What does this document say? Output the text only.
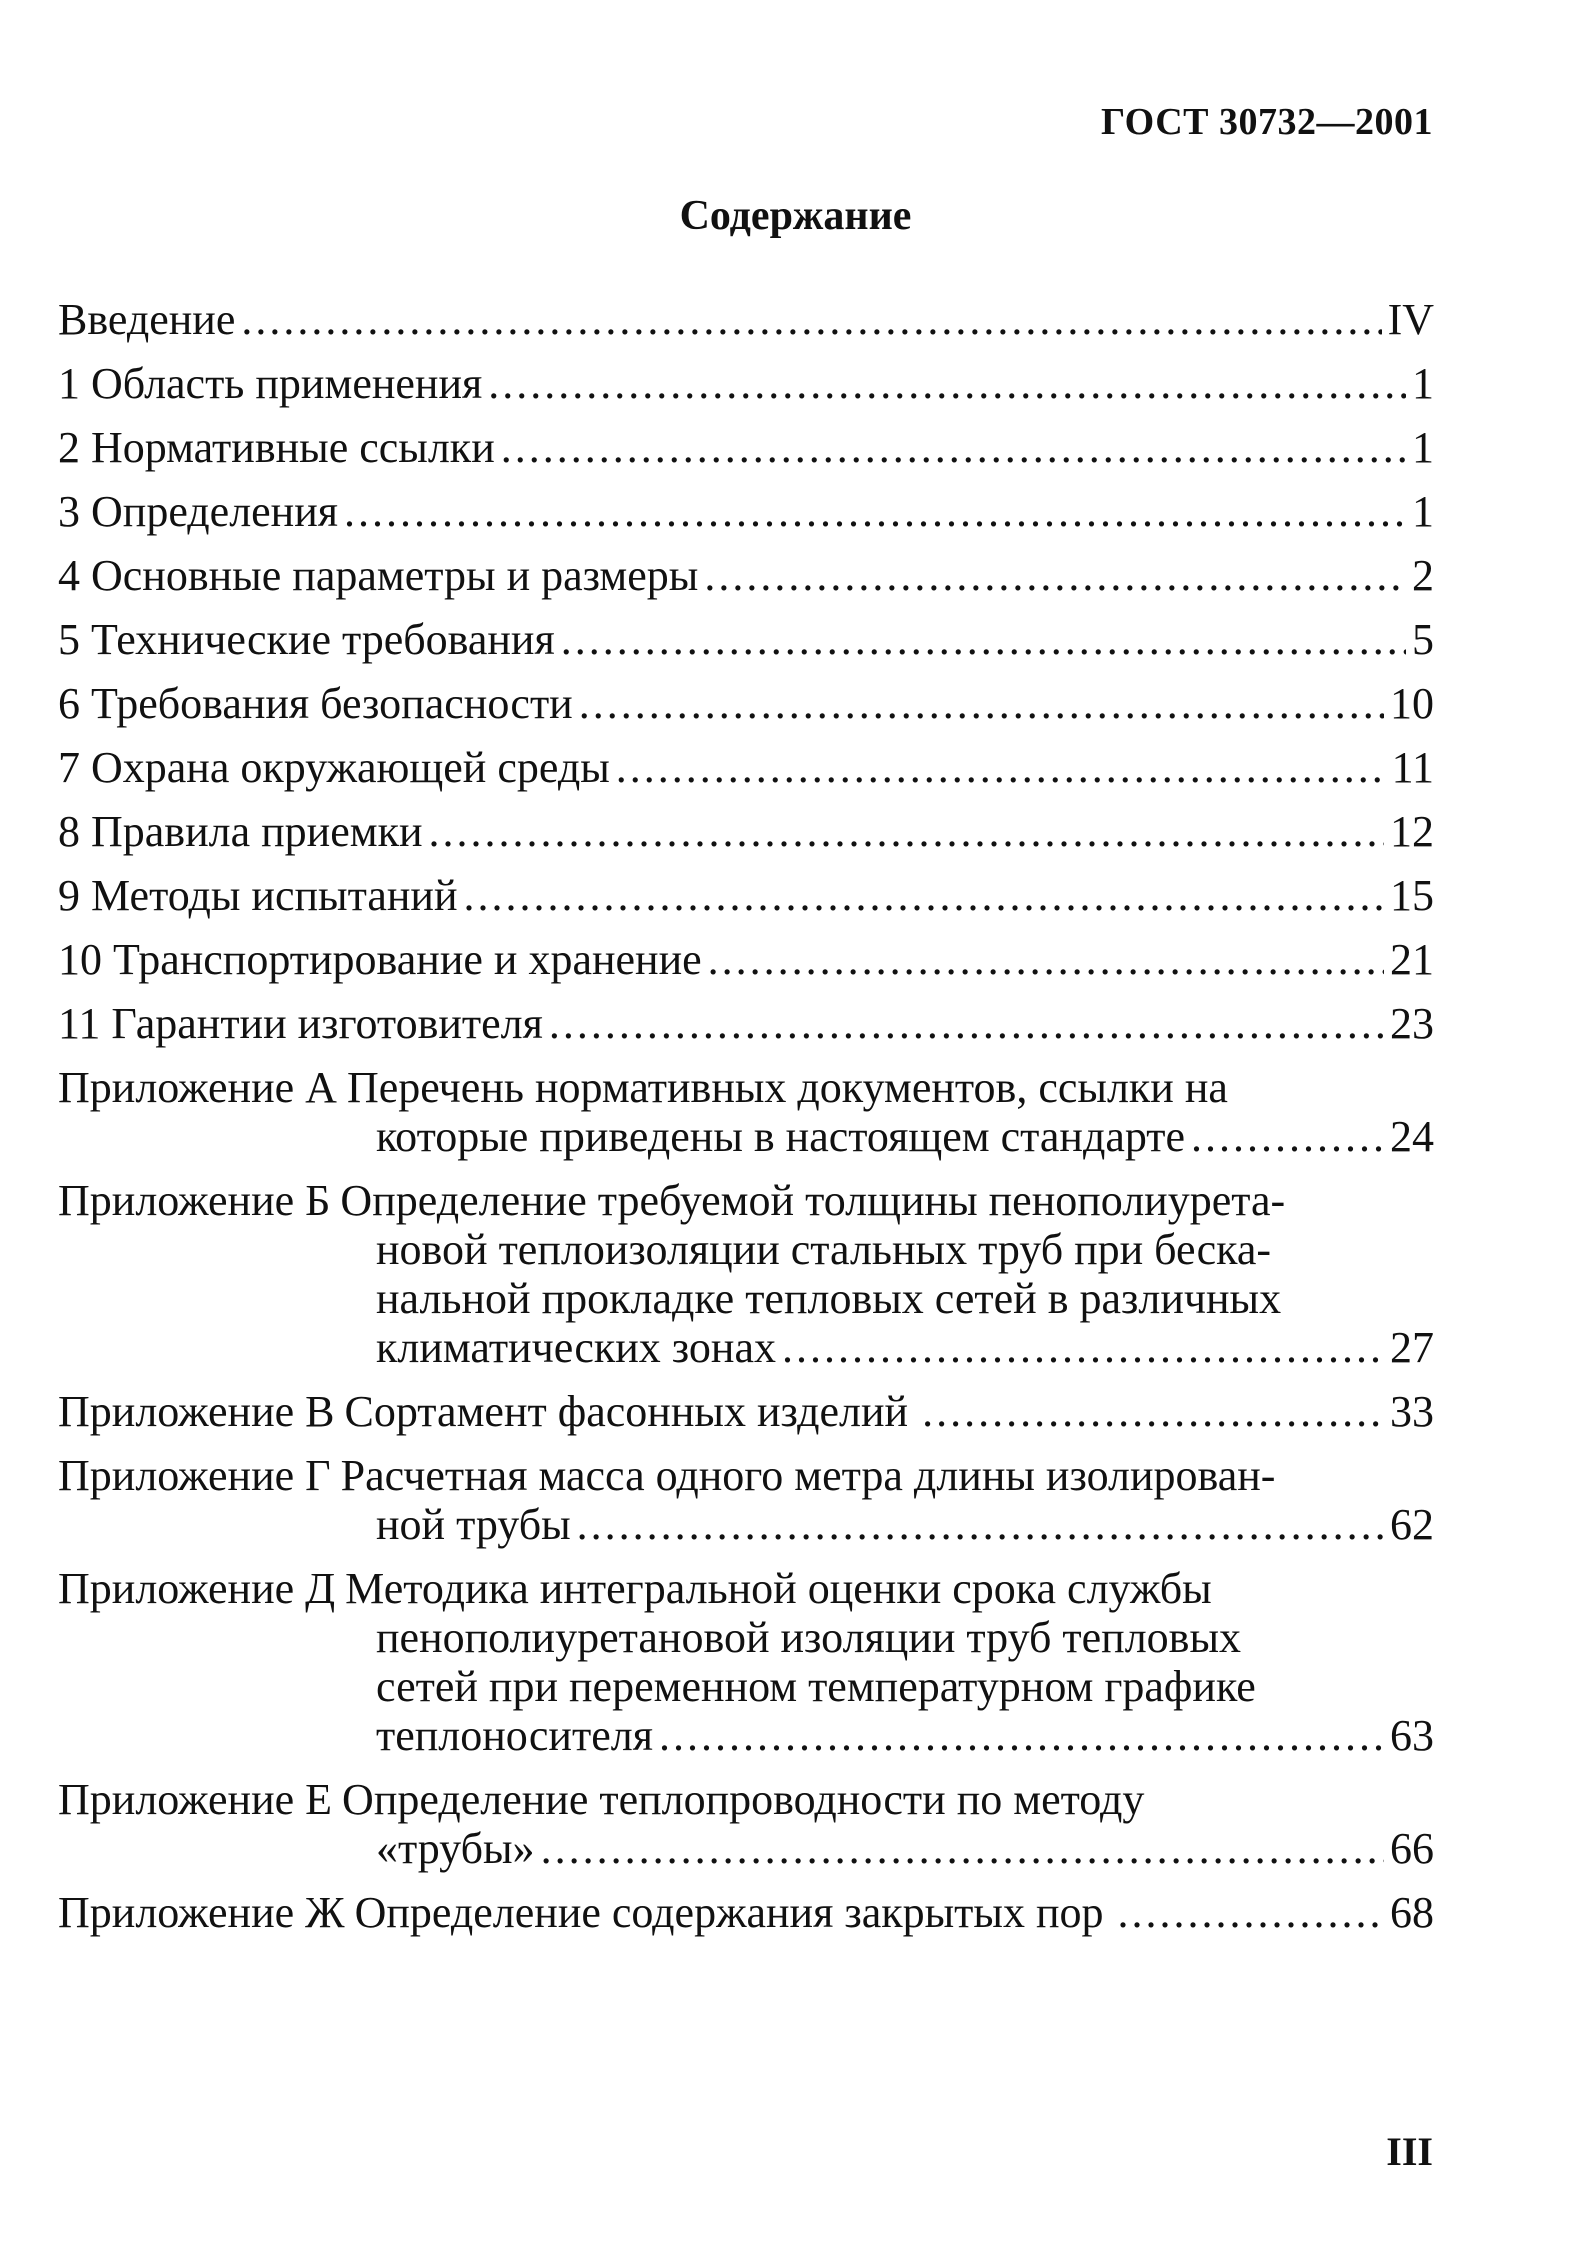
ГОСТ 30732—2001
Содержание
Введение .....	IV
1 Область применения .....	1
2 Нормативные ссылки .....	1
3 Определения .....	1
4 Основные параметры и размеры .....	2
5 Технические требования .....	5
6 Требования безопасности .....	10
7 Охрана окружающей среды .....	11
8 Правила приемки .....	12
9 Методы испытаний .....	15
10 Транспортирование и хранение .....	21
11 Гарантии изготовителя .....	23
Приложение А Перечень нормативных документов, ссылки на
которые приведены в настоящем стандарте .....	24
Приложение Б Определение требуемой толщины пенополиурета-
новой теплоизоляции стальных труб при беска-
нальной прокладке тепловых сетей в различных
климатических зонах .....	27
Приложение В Сортамент фасонных изделий .....	33
Приложение Г Расчетная масса одного метра длины изолирован-
ной трубы .....	62
Приложение Д Методика интегральной оценки срока службы
пенополиуретановой изоляции труб тепловых
сетей при переменном температурном графике
теплоносителя .....	63
Приложение Е Определение теплопроводности по методу
«трубы» .....	66
Приложение Ж Определение содержания закрытых пор .....	68
III
